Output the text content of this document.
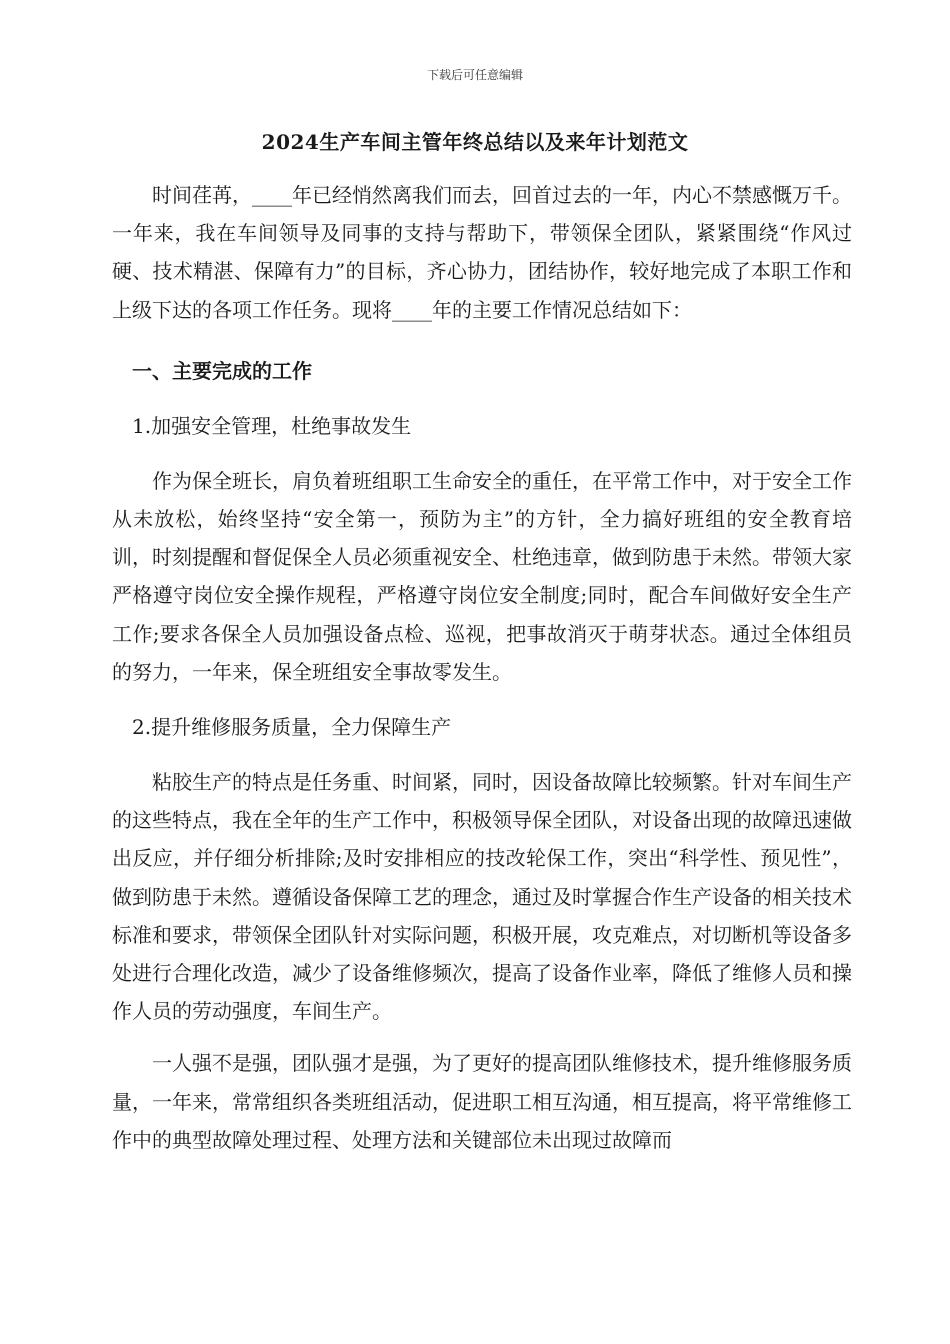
下载后可任意编辑
2024生产车间主管年终总结以及来年计划范文

时间荏苒，____年已经悄然离我们而去，回首过去的一年，内心不禁感慨万千。一年来，我在车间领导及同事的支持与帮助下，带领保全团队，紧紧围绕“作风过硬、技术精湛、保障有力”的目标，齐心协力，团结协作，较好地完成了本职工作和上级下达的各项工作任务。现将____年的主要工作情况总结如下：

一、主要完成的工作

1.加强安全管理，杜绝事故发生

作为保全班长，肩负着班组职工生命安全的重任，在平常工作中，对于安全工作从未放松，始终坚持“安全第一，预防为主”的方针，全力搞好班组的安全教育培训，时刻提醒和督促保全人员必须重视安全、杜绝违章，做到防患于未然。带领大家严格遵守岗位安全操作规程，严格遵守岗位安全制度;同时，配合车间做好安全生产工作;要求各保全人员加强设备点检、巡视，把事故消灭于萌芽状态。通过全体组员的努力，一年来，保全班组安全事故零发生。

2.提升维修服务质量，全力保障生产

粘胶生产的特点是任务重、时间紧，同时，因设备故障比较频繁。针对车间生产的这些特点，我在全年的生产工作中，积极领导保全团队，对设备出现的故障迅速做出反应，并仔细分析排除;及时安排相应的技改轮保工作，突出“科学性、预见性”，做到防患于未然。遵循设备保障工艺的理念，通过及时掌握合作生产设备的相关技术标准和要求，带领保全团队针对实际问题，积极开展，攻克难点，对切断机等设备多处进行合理化改造，减少了设备维修频次，提高了设备作业率，降低了维修人员和操作人员的劳动强度，车间生产。

一人强不是强，团队强才是强，为了更好的提高团队维修技术，提升维修服务质量，一年来，常常组织各类班组活动，促进职工相互沟通，相互提高，将平常维修工作中的典型故障处理过程、处理方法和关键部位未出现过故障而
